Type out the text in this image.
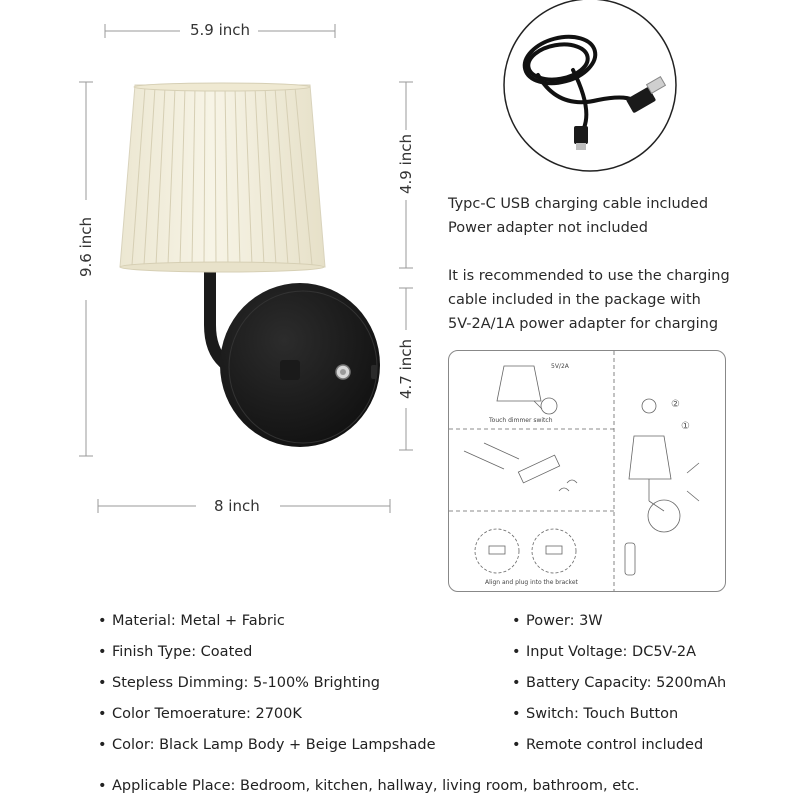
5.9 inch
9.6 inch
4.9 inch
4.7 inch
8 inch
Typc-C USB charging cable included
Power adapter not included
It is recommended to use the charging
cable included in the package with
5V-2A/1A power adapter for charging
5V/2A
Touch dimmer switch
Align and plug into the bracket
②
①
• Material: Metal + Fabric
• Finish Type: Coated
• Stepless Dimming: 5-100% Brighting
• Color Temoerature: 2700K
• Color: Black Lamp Body + Beige Lampshade
• Power: 3W
• Input Voltage: DC5V-2A
• Battery Capacity: 5200mAh
• Switch: Touch Button
• Remote control included
• Applicable Place: Bedroom, kitchen, hallway, living room, bathroom, etc.
